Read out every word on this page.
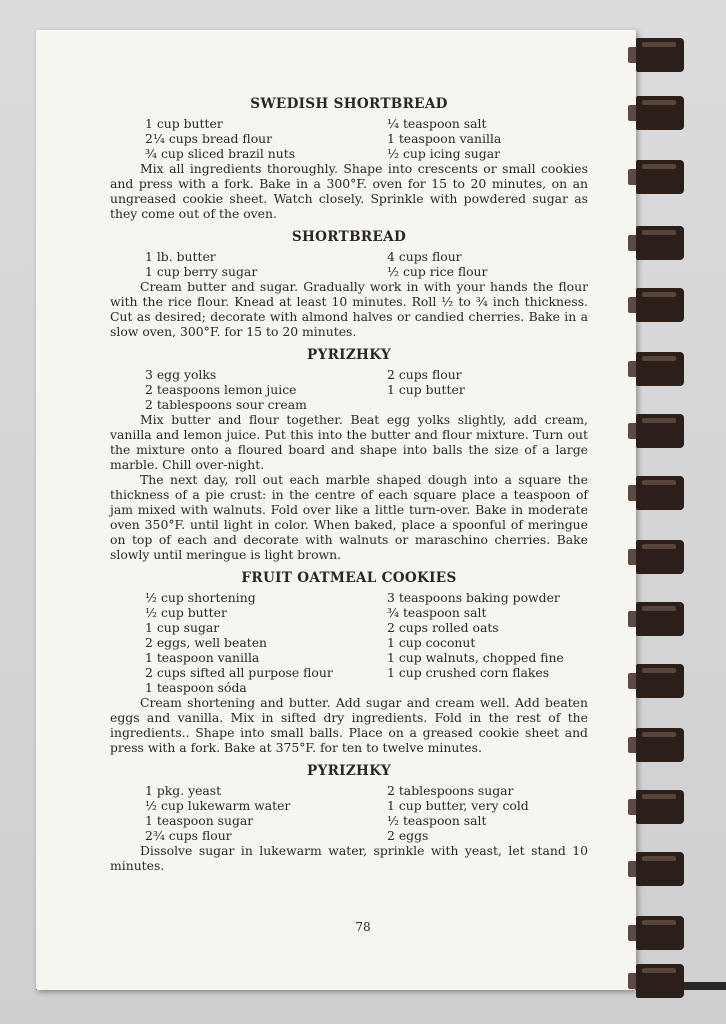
SWEDISH SHORTBREAD
1 cup butter	¼ teaspoon salt
2¼ cups bread flour	1 teaspoon vanilla
¾ cup sliced brazil nuts	½ cup icing sugar

Mix all ingredients thoroughly. Shape into crescents or small cookies and press with a fork. Bake in a 300°F. oven for 15 to 20 minutes, on an ungreased cookie sheet. Watch closely. Sprinkle with powdered sugar as they come out of the oven.

SHORTBREAD
1 lb. butter	4 cups flour
1 cup berry sugar	½ cup rice flour

Cream butter and sugar. Gradually work in with your hands the flour with the rice flour. Knead at least 10 minutes. Roll ½ to ¾ inch thickness. Cut as desired; decorate with almond halves or candied cherries. Bake in a slow oven, 300°F. for 15 to 20 minutes.

PYRIZHKY
3 egg yolks	2 cups flour
2 teaspoons lemon juice	1 cup butter
2 tablespoons sour cream

Mix butter and flour together. Beat egg yolks slightly, add cream, vanilla and lemon juice. Put this into the butter and flour mixture. Turn out the mixture onto a floured board and shape into balls the size of a large marble. Chill over-night.

The next day, roll out each marble shaped dough into a square the thickness of a pie crust: in the centre of each square place a teaspoon of jam mixed with walnuts. Fold over like a little turn-over. Bake in moderate oven 350°F. until light in color. When baked, place a spoonful of meringue on top of each and decorate with walnuts or maraschino cherries. Bake slowly until meringue is light brown.

FRUIT OATMEAL COOKIES
½ cup shortening	3 teaspoons baking powder
½ cup butter	¾ teaspoon salt
1 cup sugar	2 cups rolled oats
2 eggs, well beaten	1 cup coconut
1 teaspoon vanilla	1 cup walnuts, chopped fine
2 cups sifted all purpose flour	1 cup crushed corn flakes
1 teaspoon sóda

Cream shortening and butter. Add sugar and cream well. Add beaten eggs and vanilla. Mix in sifted dry ingredients. Fold in the rest of the ingredients.. Shape into small balls. Place on a greased cookie sheet and press with a fork. Bake at 375°F. for ten to twelve minutes.

PYRIZHKY
1 pkg. yeast	2 tablespoons sugar
½ cup lukewarm water	1 cup butter, very cold
1 teaspoon sugar	½ teaspoon salt
2¾ cups flour	2 eggs

Dissolve sugar in lukewarm water, sprinkle with yeast, let stand 10 minutes.

78
